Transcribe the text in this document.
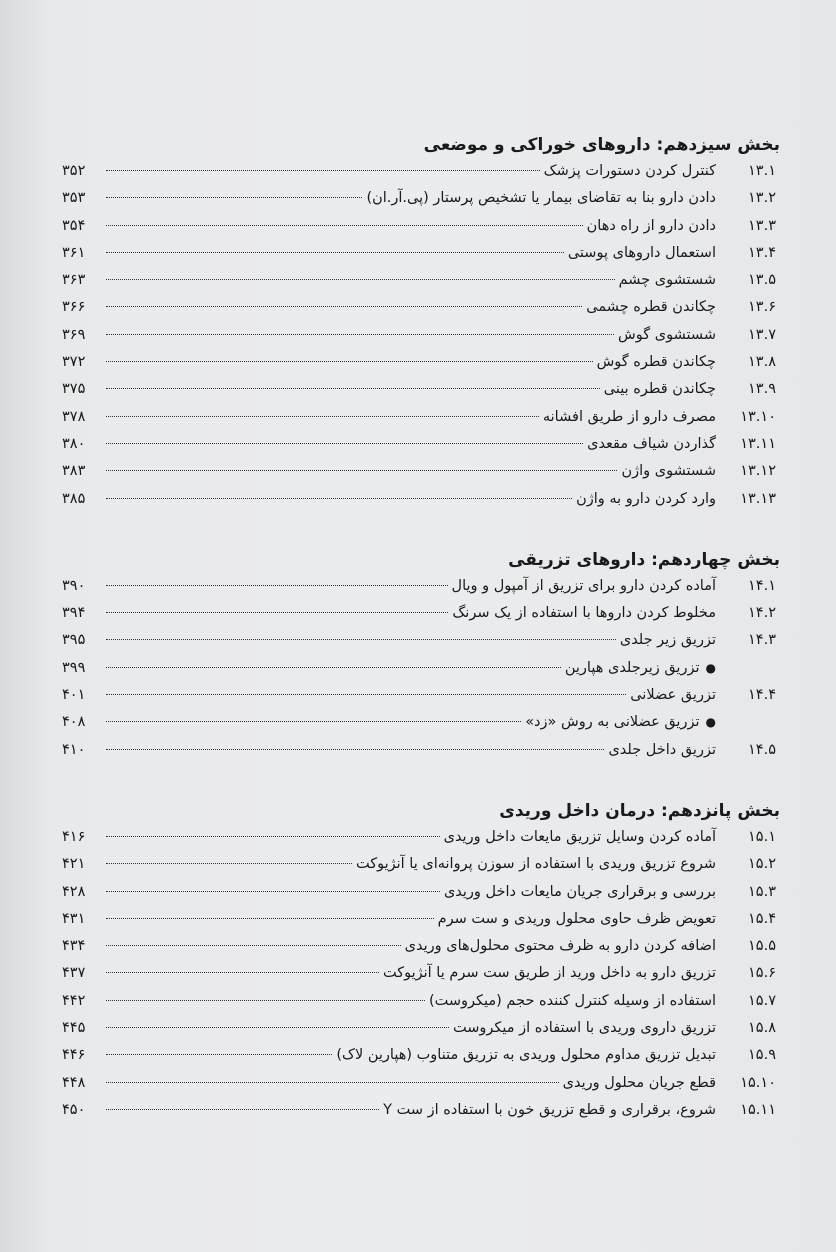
بخش سیزدهم: داروهای خوراکی و موضعی
۱۳.۱
کنترل کردن دستورات پزشک
۳۵۲
۱۳.۲
دادن دارو بنا به تقاضای بیمار یا تشخیص پرستار (پی.آر.ان)
۳۵۳
۱۳.۳
دادن دارو از راه دهان
۳۵۴
۱۳.۴
استعمال داروهای پوستی
۳۶۱
۱۳.۵
شستشوی چشم
۳۶۳
۱۳.۶
چکاندن قطره چشمی
۳۶۶
۱۳.۷
شستشوی گوش
۳۶۹
۱۳.۸
چکاندن قطره گوش
۳۷۲
۱۳.۹
چکاندن قطره بینی
۳۷۵
۱۳.۱۰
مصرف دارو از طریق افشانه
۳۷۸
۱۳.۱۱
گذاردن شیاف مقعدی
۳۸۰
۱۳.۱۲
شستشوی واژن
۳۸۳
۱۳.۱۳
وارد کردن دارو به واژن
۳۸۵
بخش چهاردهم: داروهای تزریقی
۱۴.۱
آماده کردن دارو برای تزریق از آمپول و ویال
۳۹۰
۱۴.۲
مخلوط کردن داروها با استفاده از یک سرنگ
۳۹۴
۱۴.۳
تزریق زیر جلدی
۳۹۵
●
تزریق زیرجلدی هپارین
۳۹۹
۱۴.۴
تزریق عضلانی
۴۰۱
●
تزریق عضلانی به روش «زد»
۴۰۸
۱۴.۵
تزریق داخل جلدی
۴۱۰
بخش پانزدهم: درمان داخل وریدی
۱۵.۱
آماده کردن وسایل تزریق مایعات داخل وریدی
۴۱۶
۱۵.۲
شروع تزریق وریدی با استفاده از سوزن پروانه‌ای یا آنژیوکت
۴۲۱
۱۵.۳
بررسی و برقراری جریان مایعات داخل وریدی
۴۲۸
۱۵.۴
تعویض ظرف حاوی محلول وریدی و ست سرم
۴۳۱
۱۵.۵
اضافه کردن دارو به ظرف محتوی محلول‌های وریدی
۴۳۴
۱۵.۶
تزریق دارو به داخل ورید از طریق ست سرم یا آنژیوکت
۴۳۷
۱۵.۷
استفاده از وسیله کنترل کننده حجم (میکروست)
۴۴۲
۱۵.۸
تزریق داروی وریدی با استفاده از میکروست
۴۴۵
۱۵.۹
تبدیل تزریق مداوم محلول وریدی به تزریق متناوب (هپارین لاک)
۴۴۶
۱۵.۱۰
قطع جریان محلول وریدی
۴۴۸
۱۵.۱۱
شروع، برقراری و قطع تزریق خون با استفاده از ست Y
۴۵۰
